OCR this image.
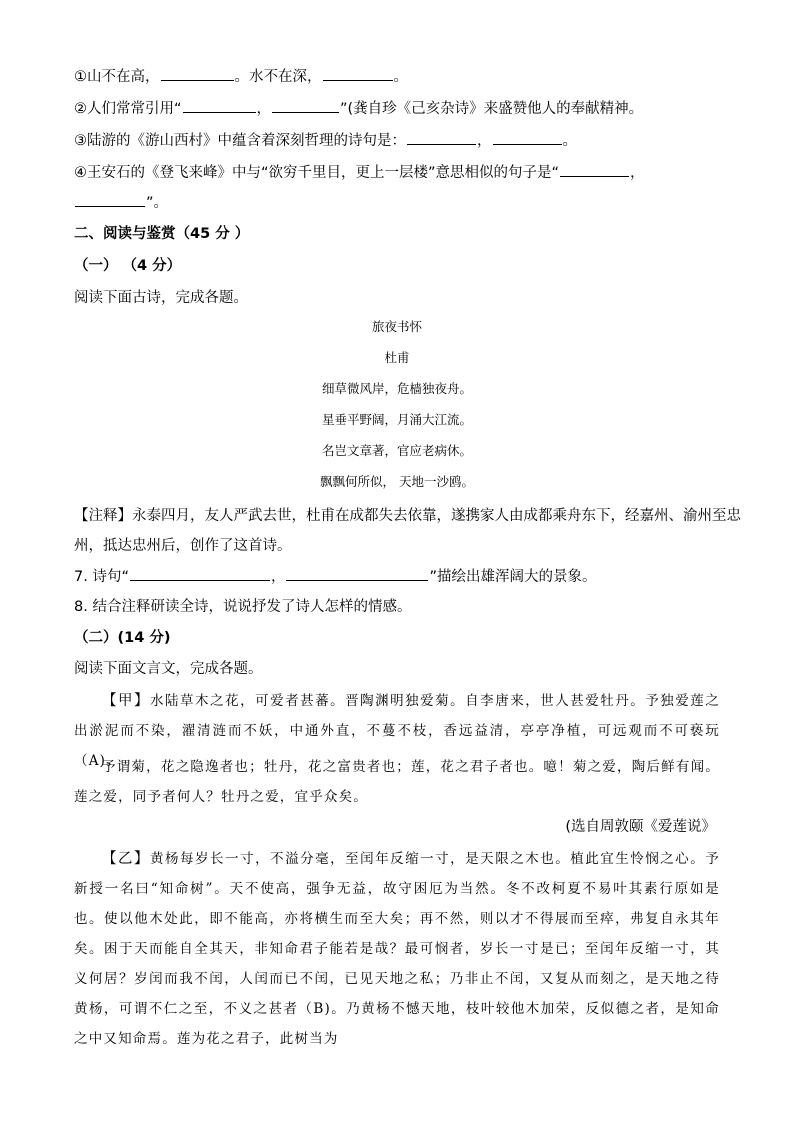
①山不在高，	。水不在深，	。
②人们常常引用“	，	”(龚自珍《己亥杂诗》来盛赞他人的奉献精神。
③陆游的《游山西村》中蕴含着深刻哲理的诗句是：	，	。
④王安石的《登飞来峰》中与“欲穷千里目，更上一层楼”意思相似的句子是“	，
”。
二、阅读与鉴赏（45 分 ）
（一） （4 分）
阅读下面古诗，完成各题。
旅夜书怀
杜甫
细草微风岸，危樯独夜舟。
星垂平野阔，月涌大江流。
名岂文章著，官应老病休。
飘飘何所似， 天地一沙鸥。
【注释】永泰四月，友人严武去世，杜甫在成都失去依靠，遂携家人由成都乘舟东下，经嘉州、渝州至忠
州，抵达忠州后，创作了这首诗。
7. 诗句“	，	”描绘出雄浑阔大的景象。
8. 结合注释研读全诗，说说抒发了诗人怎样的情感。
（二）(14 分)
阅读下面文言文，完成各题。
【甲】水陆草木之花，可爱者甚蕃。晋陶渊明独爱菊。自李唐来，世人甚爱牡丹。予独爱莲之出淤泥而不染，濯清涟而不妖，中通外直，不蔓不枝，香远益清，亭亭净植，可远观而不可亵玩（A)。
予谓菊，花之隐逸者也；牡丹，花之富贵者也；莲，花之君子者也。噫！菊之爱，陶后鲜有闻。莲之爱，同予者何人？牡丹之爱，宜乎众矣。
(选自周敦颐《爱莲说》
【乙】黄杨每岁长一寸，不溢分毫，至闰年反缩一寸，是天限之木也。植此宜生怜悯之心。予新授一名曰“知命树”。天不使高，强争无益，故守困厄为当然。冬不改柯夏不易叶其素行原如是也。使以他木处此，即不能高，亦将横生而至大矣；再不然，则以才不得展而至瘁，弗复自永其年矣。困于天而能自全其天，非知命君子能若是哉？最可悯者，岁长一寸是已；至闰年反缩一寸，其义何居？岁闰而我不闰，人闰而已不闰，已见天地之私；乃非止不闰，又复从而刻之，是天地之待黄杨，可谓不仁之至，不义之甚者（B)。乃黄杨不憾天地，枝叶较他木加荣，反似德之者，是知命之中又知命焉。莲为花之君子，此树当为
